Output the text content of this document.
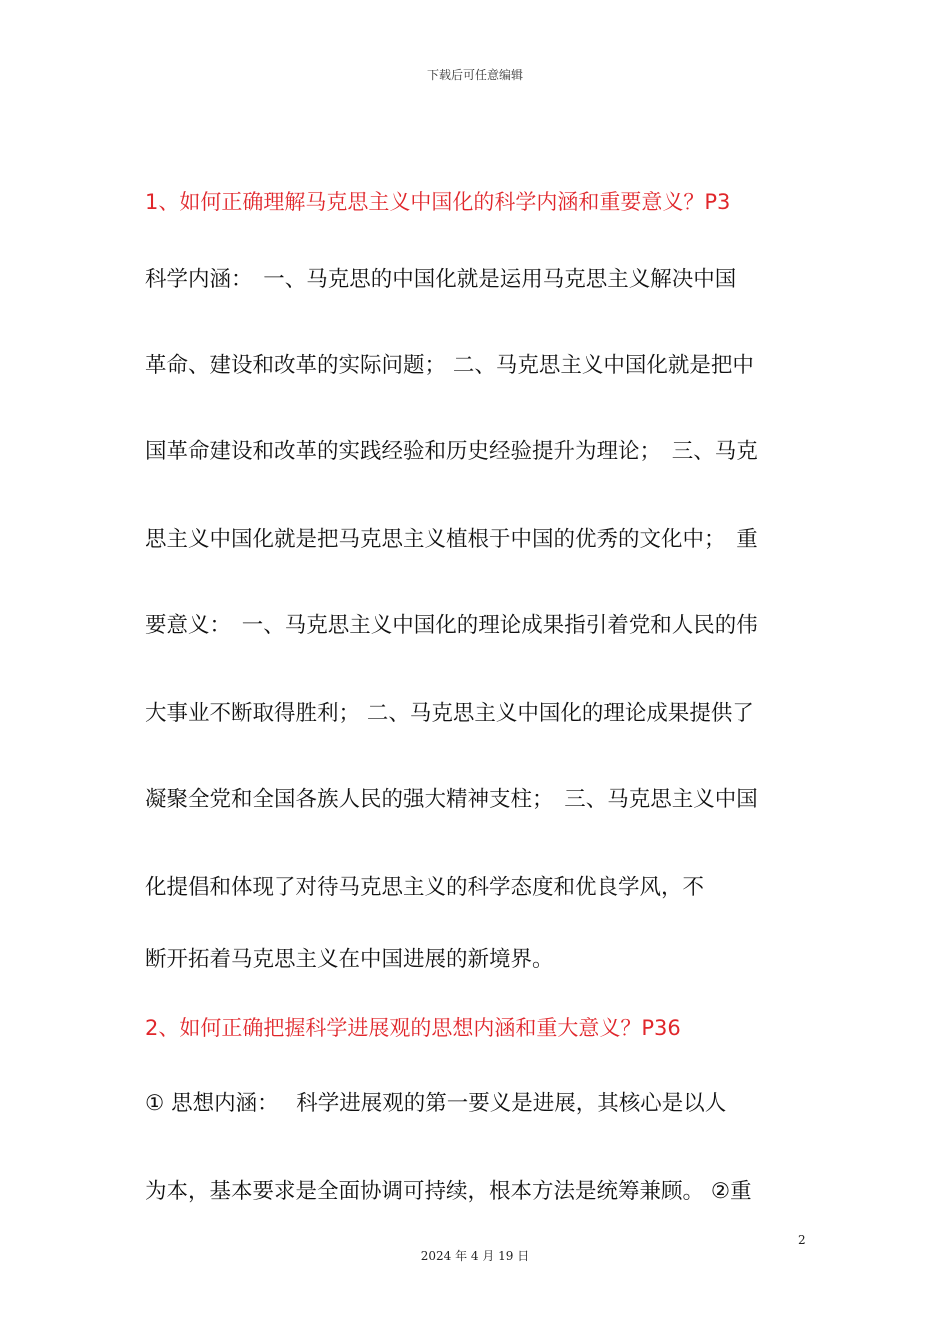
下载后可任意编辑
1、如何正确理解马克思主义中国化的科学内涵和重要意义？P3
科学内涵：　一、马克思的中国化就是运用马克思主义解决中国
革命、建设和改革的实际问题； 二、马克思主义中国化就是把中
国革命建设和改革的实践经验和历史经验提升为理论；　三、马克
思主义中国化就是把马克思主义植根于中国的优秀的文化中；　重
要意义：　一、马克思主义中国化的理论成果指引着党和人民的伟
大事业不断取得胜利； 二、马克思主义中国化的理论成果提供了
凝聚全党和全国各族人民的强大精神支柱；　三、马克思主义中国
化提倡和体现了对待马克思主义的科学态度和优良学风，不
断开拓着马克思主义在中国进展的新境界。
2、如何正确把握科学进展观的思想内涵和重大意义？P36
① 思想内涵：　 科学进展观的第一要义是进展，其核心是以人
为本，基本要求是全面协调可持续，根本方法是统筹兼顾。 ②重
2
2024 年 4 月 19 日
